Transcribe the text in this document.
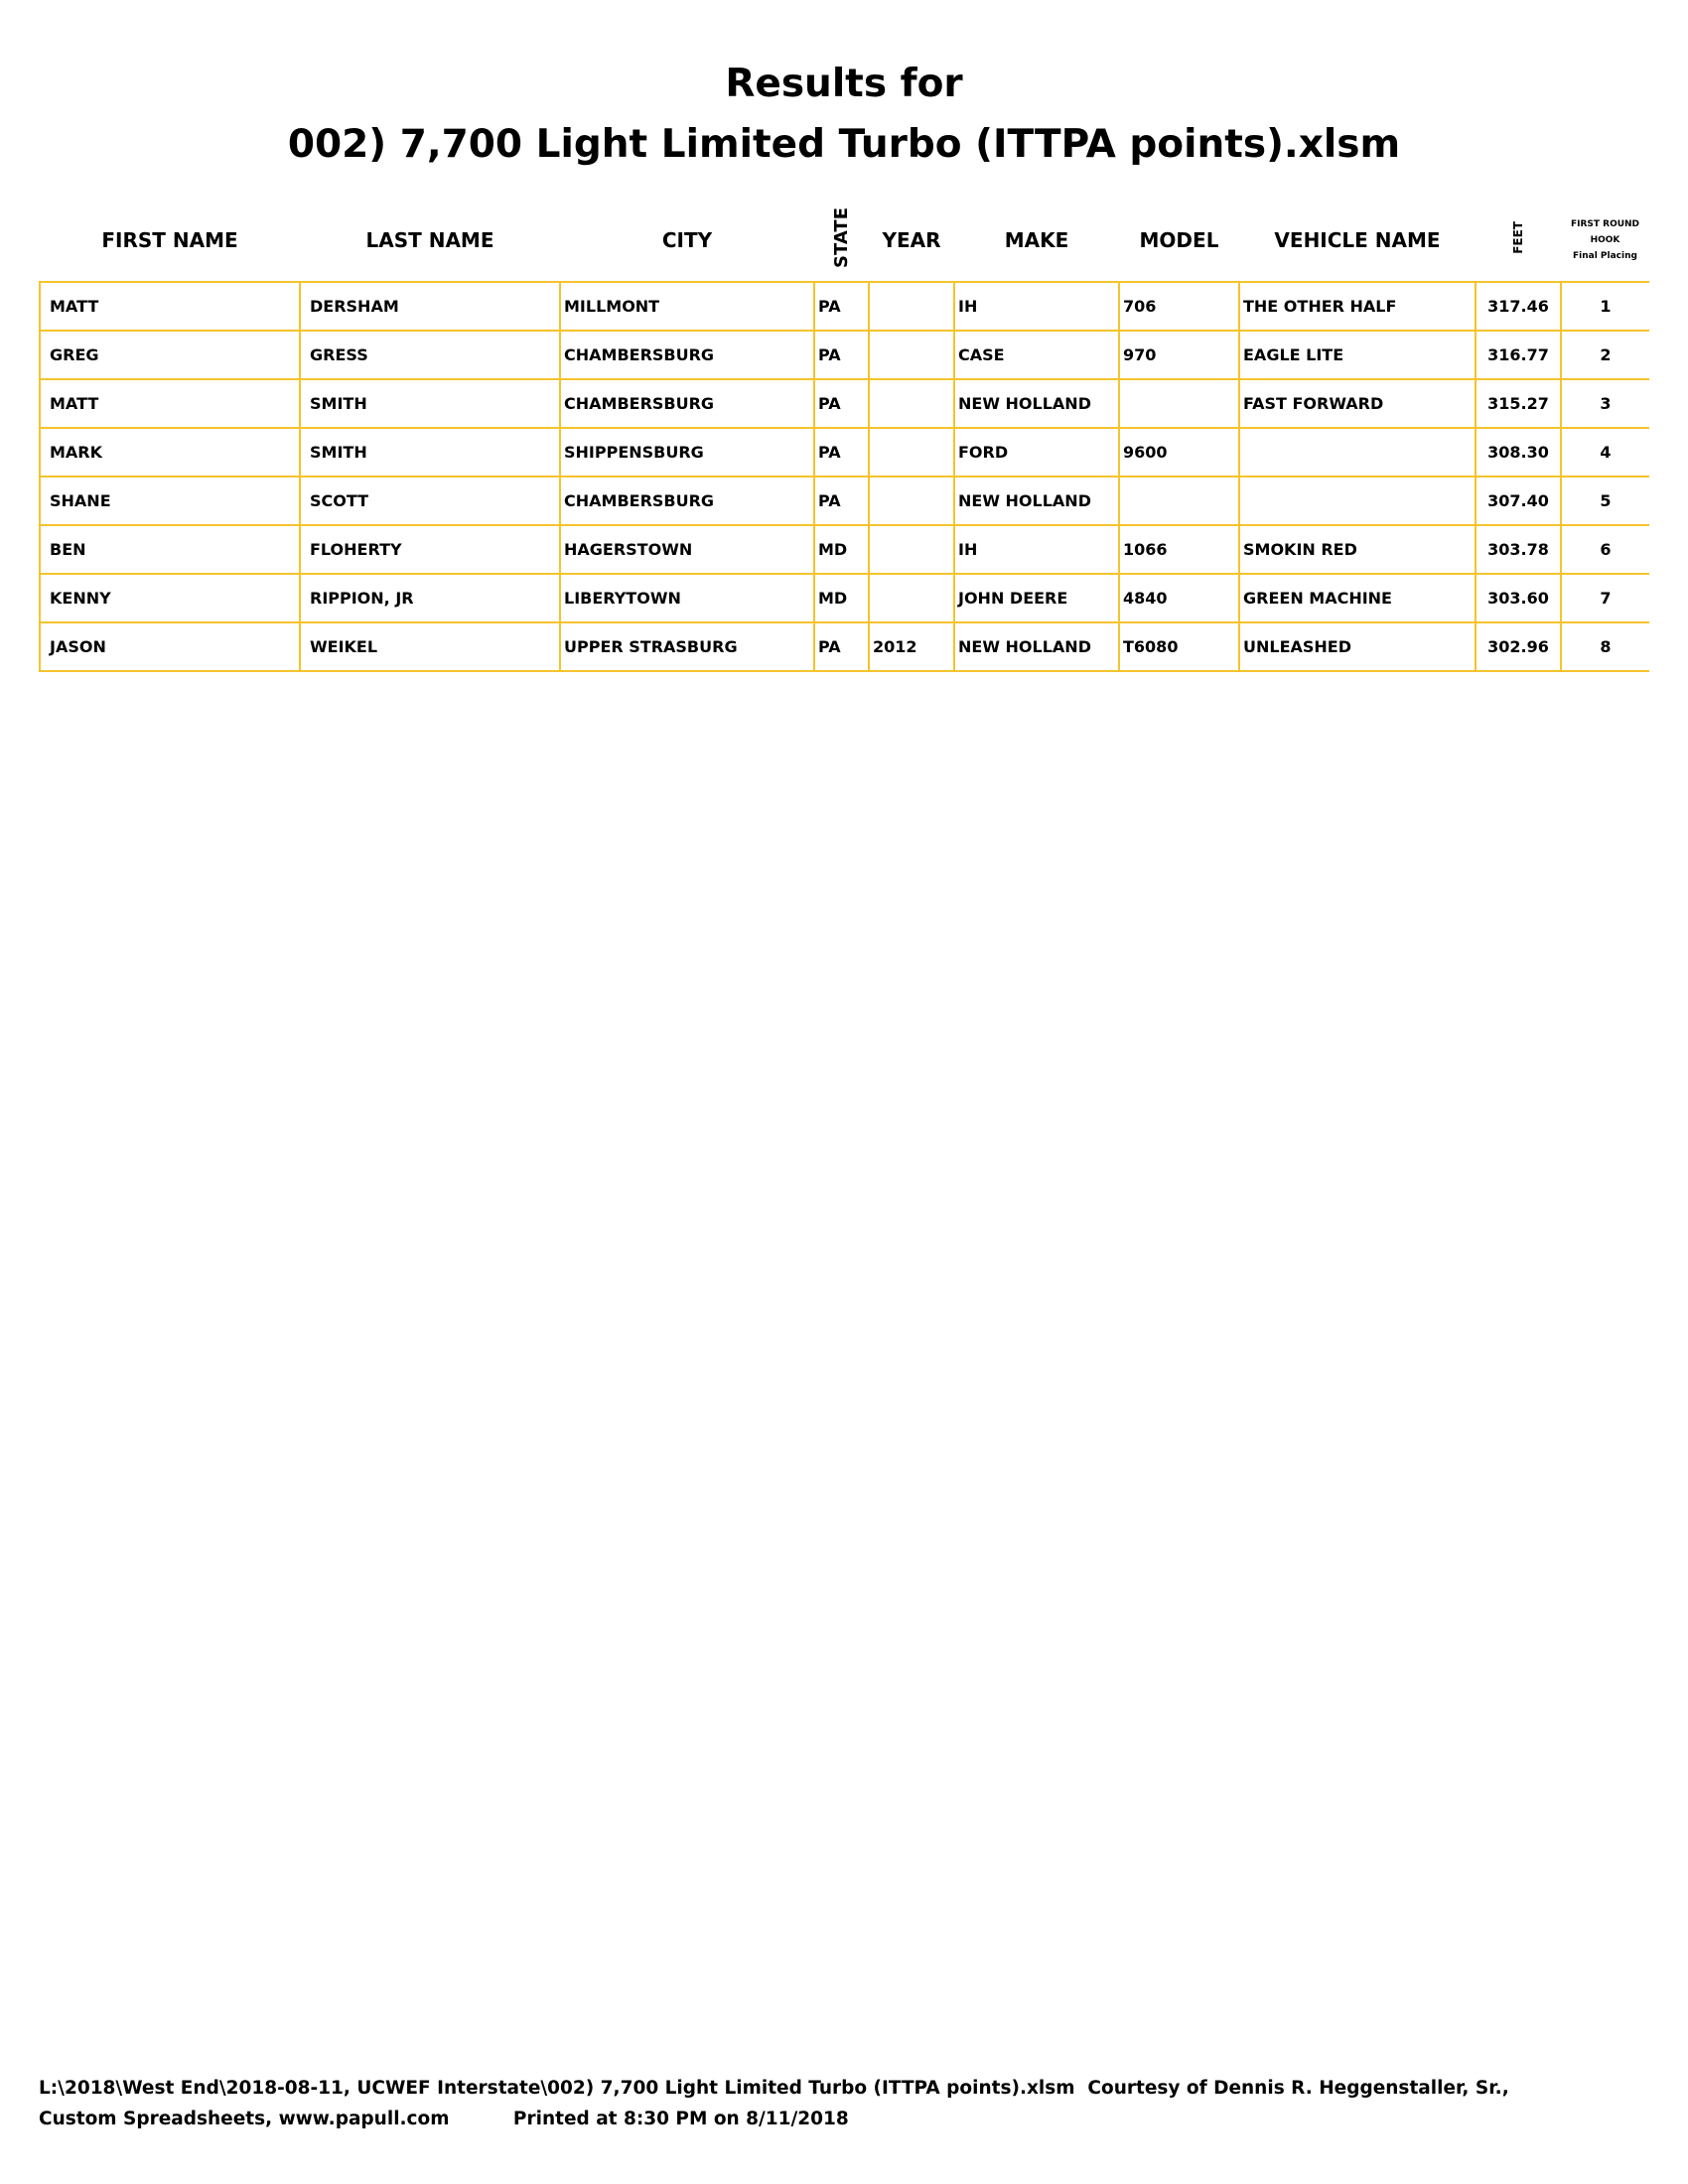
Results for
002) 7,700 Light Limited Turbo (ITTPA points).xlsm
FIRST NAME	LAST NAME	CITY	STATE	YEAR	MAKE	MODEL	VEHICLE NAME	FEET	FIRST ROUND
HOOK
Final Placing
MATT	DERSHAM	MILLMONT	PA		IH	706	THE OTHER HALF	317.46	1
GREG	GRESS	CHAMBERSBURG	PA		CASE	970	EAGLE LITE	316.77	2
MATT	SMITH	CHAMBERSBURG	PA		NEW HOLLAND		FAST FORWARD	315.27	3
MARK	SMITH	SHIPPENSBURG	PA		FORD	9600		308.30	4
SHANE	SCOTT	CHAMBERSBURG	PA		NEW HOLLAND			307.40	5
BEN	FLOHERTY	HAGERSTOWN	MD		IH	1066	SMOKIN RED	303.78	6
KENNY	RIPPION, JR	LIBERYTOWN	MD		JOHN DEERE	4840	GREEN MACHINE	303.60	7
JASON	WEIKEL	UPPER STRASBURG	PA	2012	NEW HOLLAND	T6080	UNLEASHED	302.96	8
L:\2018\West End\2018-08-11, UCWEF Interstate\002) 7,700 Light Limited Turbo (ITTPA points).xlsm  Courtesy of Dennis R. Heggenstaller, Sr.,
Custom Spreadsheets, www.papull.com          Printed at 8:30 PM on 8/11/2018
